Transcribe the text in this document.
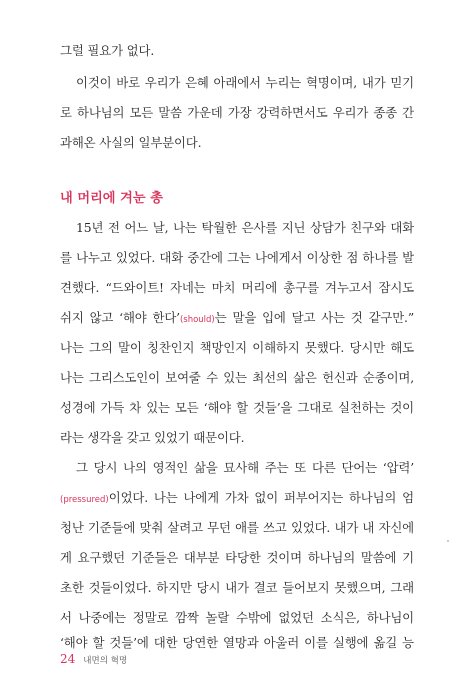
그럴 필요가 없다.
이것이 바로 우리가 은혜 아래에서 누리는 혁명이며, 내가 믿기
로 하나님의 모든 말씀 가운데 가장 강력하면서도 우리가 종종 간
과해온 사실의 일부분이다.
내 머리에 겨눈 총
15년 전 어느 날, 나는 탁월한 은사를 지닌 상담가 친구와 대화
를 나누고 있었다. 대화 중간에 그는 나에게서 이상한 점 하나를 발
견했다. “드와이트! 자네는 마치 머리에 총구를 겨누고서 잠시도
쉬지 않고 ‘해야 한다’(should)는 말을 입에 달고 사는 것 같구만.”
나는 그의 말이 칭찬인지 책망인지 이해하지 못했다. 당시만 해도
나는 그리스도인이 보여줄 수 있는 최선의 삶은 헌신과 순종이며,
성경에 가득 차 있는 모든 ‘해야 할 것들’을 그대로 실천하는 것이
라는 생각을 갖고 있었기 때문이다.
그 당시 나의 영적인 삶을 묘사해 주는 또 다른 단어는 ‘압력’
(pressured)이었다. 나는 나에게 가차 없이 퍼부어지는 하나님의 엄
청난 기준들에 맞춰 살려고 무던 애를 쓰고 있었다. 내가 내 자신에
게 요구했던 기준들은 대부분 타당한 것이며 하나님의 말씀에 기
초한 것들이었다. 하지만 당시 내가 결코 들어보지 못했으며, 그래
서 나중에는 정말로 깜짝 놀랄 수밖에 없었던 소식은, 하나님이
‘해야 할 것들’에 대한 당연한 열망과 아울러 이를 실행에 옮길 능
24 내면의 혁명
